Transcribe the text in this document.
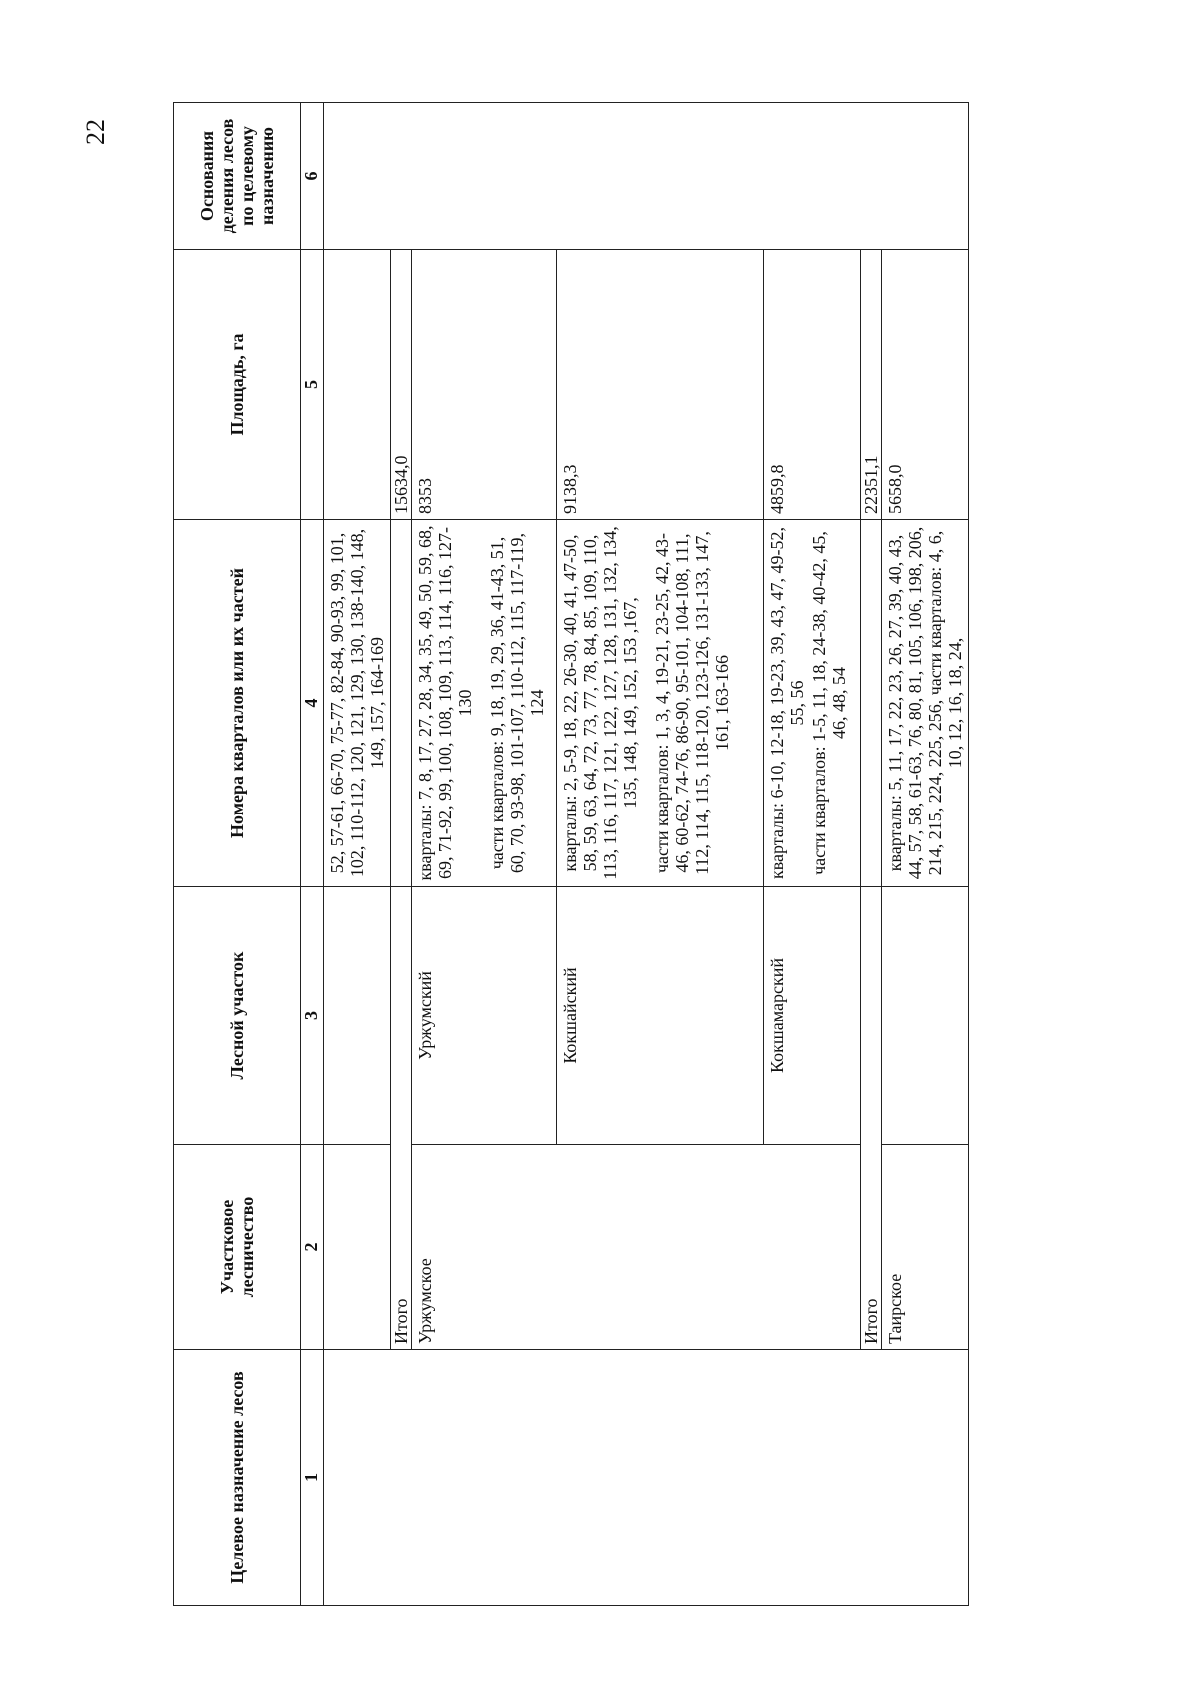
22
Целевое назначение лесов	Участковое лесничество	Лесной участок	Номера кварталов или их частей	Площадь, га	Основания деления лесов по целевому назначению
1	2	3	4	5	6
			52, 57-61, 66-70, 75-77, 82-84, 90-93, 99, 101, 102, 110-112, 120, 121, 129, 130, 138-140, 148, 149, 157, 164-169		
	Итого			15634,0	
	Уржумское	Уржумский	кварталы: 7, 8, 17, 27, 28, 34, 35, 49, 50, 59, 68, 69, 71-92, 99, 100, 108, 109, 113, 114, 116, 127-130 части кварталов: 9, 18, 19, 29, 36, 41-43, 51, 60, 70, 93-98, 101-107, 110-112, 115, 117-119, 124	8353	
		Кокшайский	кварталы: 2, 5-9, 18, 22, 26-30, 40, 41, 47-50, 58, 59, 63, 64, 72, 73, 77, 78, 84, 85, 109, 110, 113, 116, 117, 121, 122, 127, 128, 131, 132, 134, 135, 148, 149, 152, 153 ,167, части кварталов: 1, 3, 4, 19-21, 23-25, 42, 43-46, 60-62, 74-76, 86-90, 95-101, 104-108, 111, 112, 114, 115, 118-120, 123-126, 131-133, 147, 161, 163-166	9138,3	
		Кокшамарский	кварталы: 6-10, 12-18, 19-23, 39, 43, 47, 49-52, 55, 56 части кварталов: 1-5, 11, 18, 24-38, 40-42, 45, 46, 48, 54	4859,8	
	Итого			22351,1	
	Таирское		кварталы: 5, 11, 17, 22, 23, 26, 27, 39, 40, 43, 44, 57, 58, 61-63, 76, 80, 81, 105, 106, 198, 206, 214, 215, 224, 225, 256, части кварталов: 4, 6, 10, 12, 16, 18, 24,	5658,0	
